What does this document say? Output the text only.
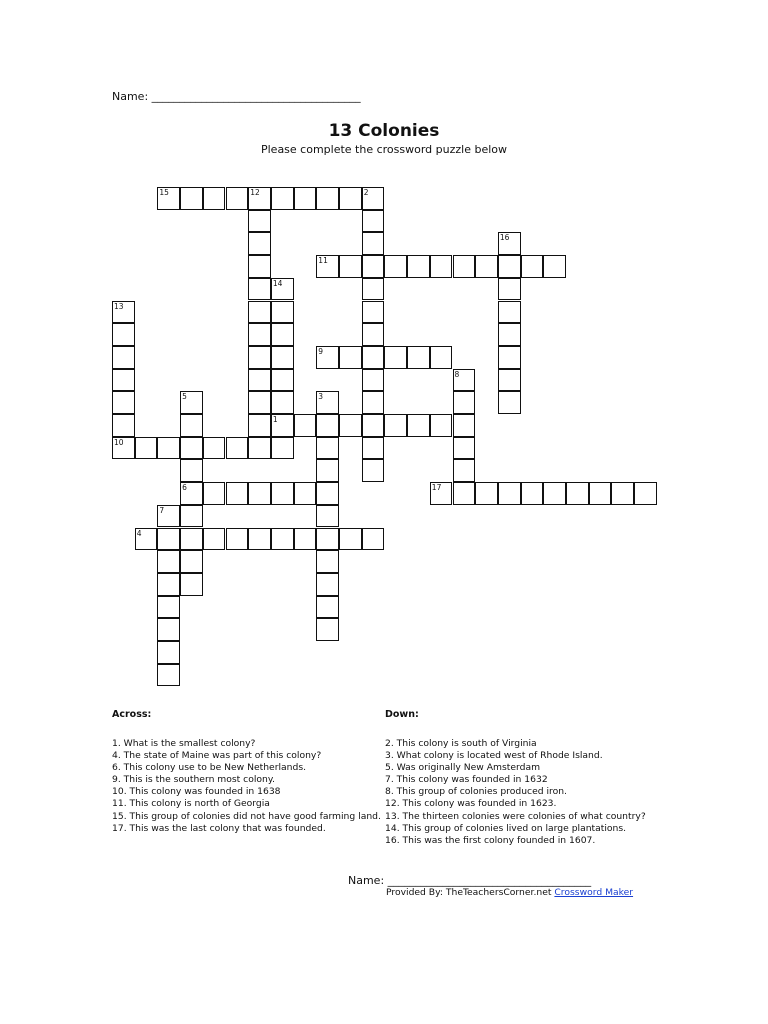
Name: ______________________________________
13 Colonies
Please complete the crossword puzzle below
1
2
3
4
5
6
7
8
9
10
11
12
13
14
15
16
17
Across:	Down:
1. What is the smallest colony?
4. The state of Maine was part of this colony?
6. This colony use to be New Netherlands.
9. This is the southern most colony.
10. This colony was founded in 1638
11. This colony is north of Georgia
15. This group of colonies did not have good farming land.
17. This was the last colony that was founded.
2. This colony is south of Virginia
3. What colony is located west of Rhode Island.
5. Was originally New Amsterdam
7. This colony was founded in 1632
8. This group of colonies produced iron.
12. This colony was founded in 1623.
13. The thirteen colonies were colonies of what country?
14. This group of colonies lived on large plantations.
16. This was the first colony founded in 1607.
Name: _____________________________________
Provided By: TheTeachersCorner.net Crossword Maker
